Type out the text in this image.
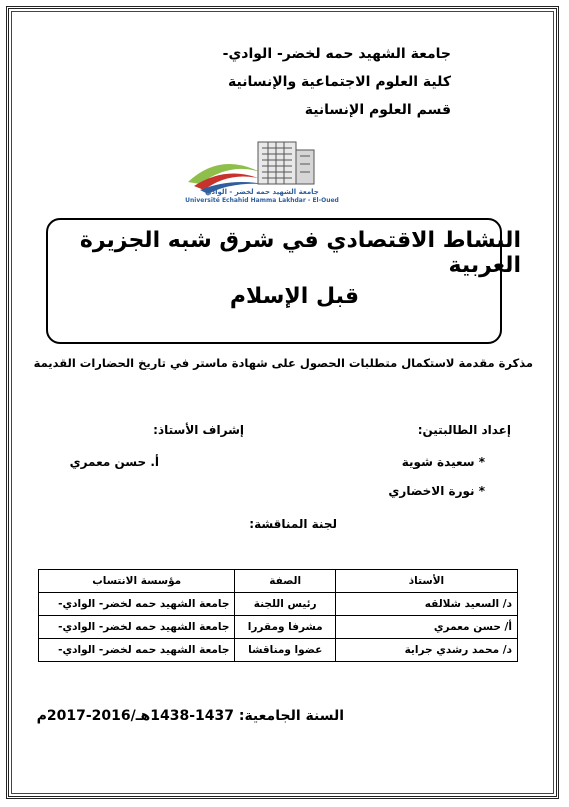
جامعة الشهيد حمه لخضر- الوادي-
كلية العلوم الاجتماعية والإنسانية
قسم العلوم الإنسانية
جامعة الشهيد حمه لخضر - الوادي
Université Echahid Hamma Lakhdar - El-Oued
النشاط الاقتصادي في شرق شبه الجزيرة العربية
قبل الإسلام
مذكرة مقدمة لاستكمال متطلبات الحصول على شهادة ماستر في تاريخ الحضارات القديمة
إعداد الطالبتين:
إشراف الأستاذ:
* سعيدة شوية
أ. حسن معمري
* نورة الاخضاري
لجنة المناقشة:
الأستاذ	الصفة	مؤسسة الانتساب
د/ السعيد شلالقه	رئيس اللجنة	جامعة الشهيد حمه لخضر- الوادي-
أ/ حسن معمري	مشرفا ومقررا	جامعة الشهيد حمه لخضر- الوادي-
د/ محمد رشدي جراية	عضوا ومناقشا	جامعة الشهيد حمه لخضر- الوادي-
السنة الجامعية: 1437-1438هـ/2016-2017م
